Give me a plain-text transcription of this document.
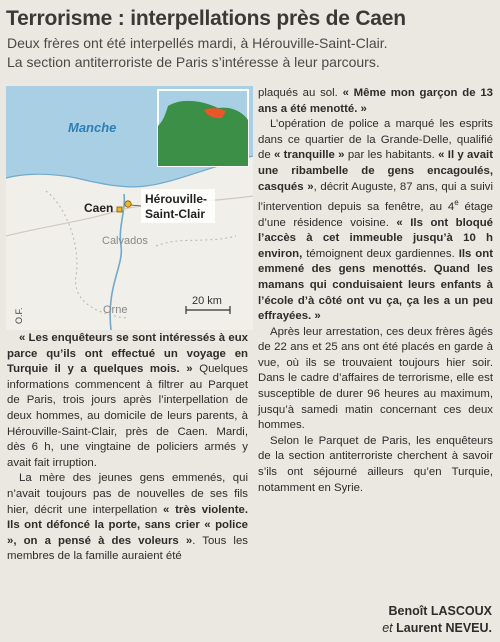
Terrorisme : interpellations près de Caen
Deux frères ont été interpellés mardi, à Hérouville-Saint-Clair.
La section antiterroriste de Paris s’intéresse à leur parcours.
Manche
Caen
Hérouville-
Saint-Clair
Calvados
Orne
20 km
O.F.

« Les enquêteurs se sont intéressés à eux parce qu’ils ont effectué un voyage en Turquie il y a quelques mois. » Quelques informations commencent à filtrer au Parquet de Paris, trois jours après l’interpellation de deux hommes, au domicile de leurs parents, à Hérouville-Saint-Clair, près de Caen. Mardi, dès 6 h, une vingtaine de policiers armés y avait fait irruption.

La mère des jeunes gens emmenés, qui n’avait toujours pas de nouvelles de ses fils hier, décrit une interpellation « très violente. Ils ont défoncé la porte, sans crier « police », on a pensé à des voleurs ». Tous les membres de la famille auraient été

plaqués au sol. « Même mon garçon de 13 ans a été menotté. »

L’opération de police a marqué les esprits dans ce quartier de la Grande-Delle, qualifié de « tranquille » par les habitants. « Il y avait une ribambelle de gens encagoulés, casqués », décrit Auguste, 87 ans, qui a suivi l’intervention depuis sa fenêtre, au 4e étage d’une résidence voisine. « Ils ont bloqué l’accès à cet immeuble jusqu’à 10 h environ, témoignent deux gardiennes. Ils ont emmené des gens menottés. Quand les mamans qui conduisaient leurs enfants à l’école d’à côté ont vu ça, ça les a un peu effrayées. »

Après leur arrestation, ces deux frères âgés de 22 ans et 25 ans ont été placés en garde à vue, où ils se trouvaient toujours hier soir. Dans le cadre d’affaires de terrorisme, elle est susceptible de durer 96 heures au maximum, jusqu’à samedi matin concernant ces deux hommes.

Selon le Parquet de Paris, les enquêteurs de la section antiterroriste cherchent à savoir s’ils ont séjourné ailleurs qu’en Turquie, notamment en Syrie.

Benoît LASCOUX
et Laurent NEVEU.
